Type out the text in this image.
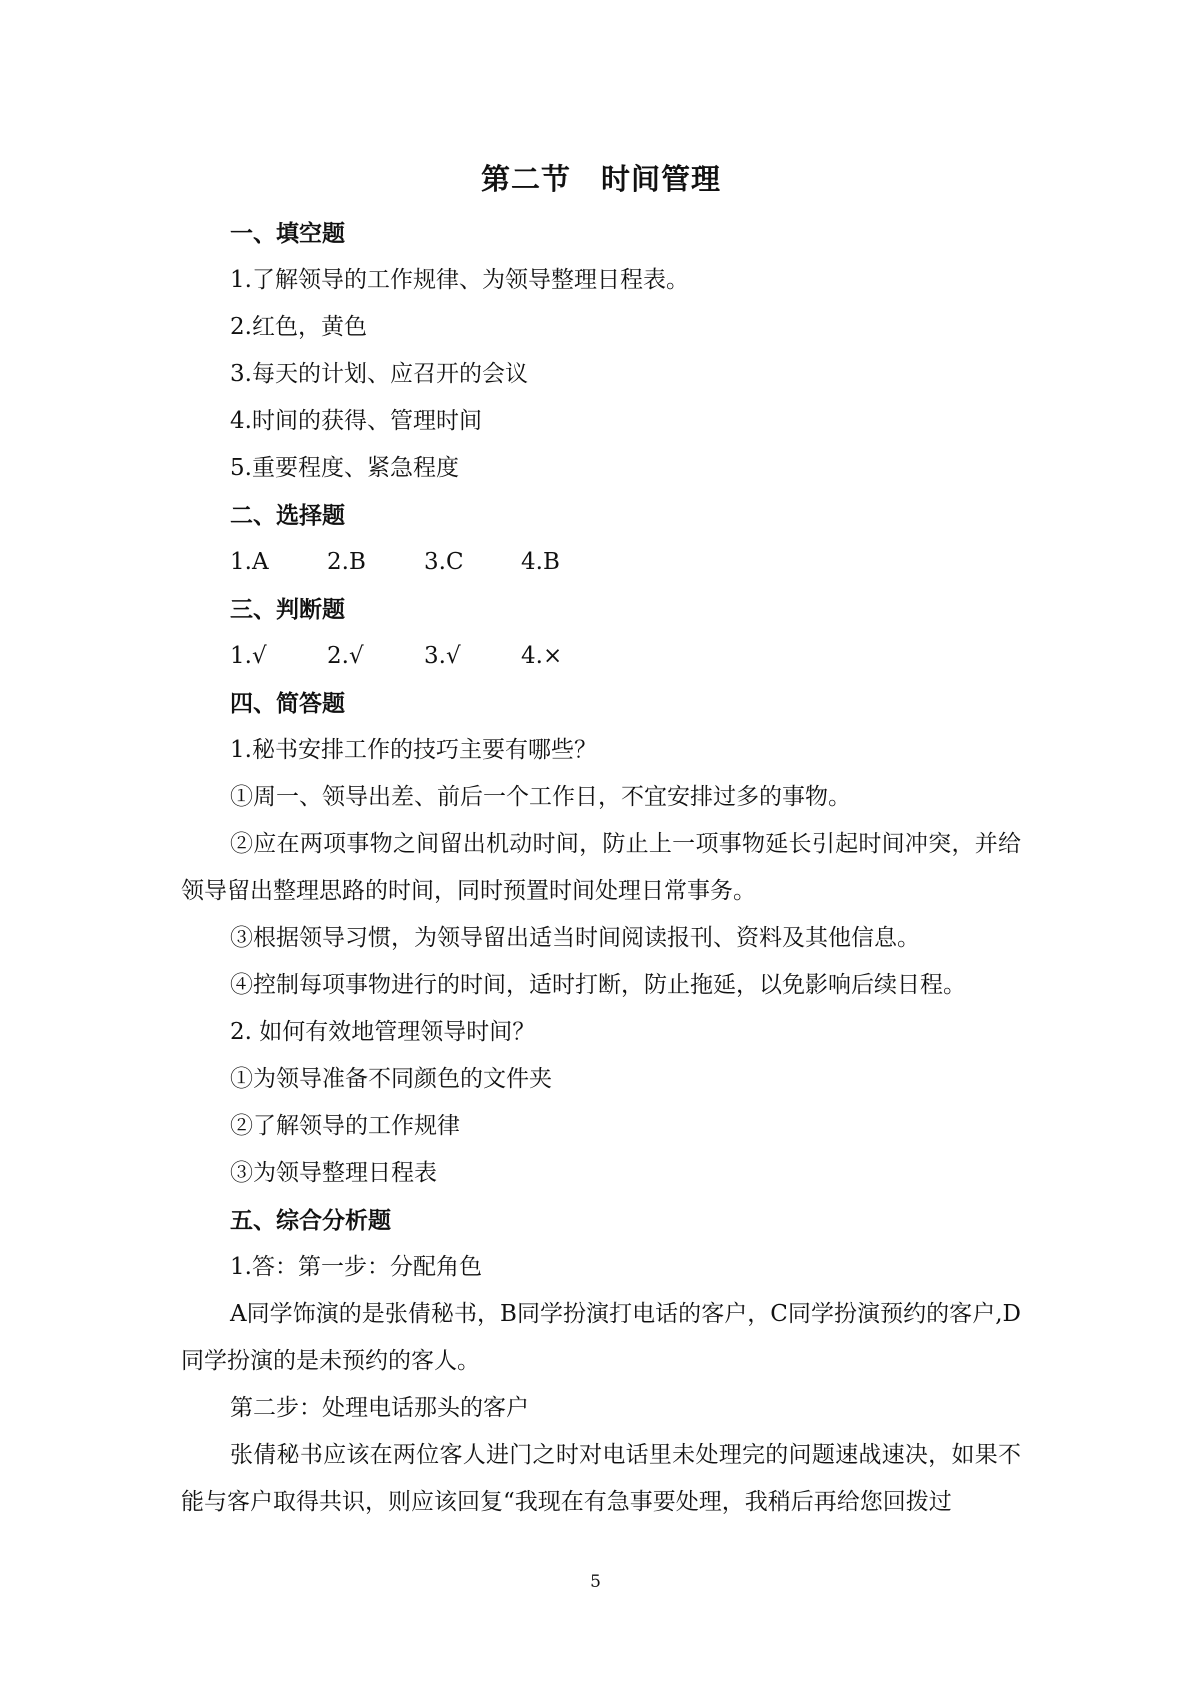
第二节 时间管理
一、填空题
1.了解领导的工作规律、为领导整理日程表。
2.红色，黄色
3.每天的计划、应召开的会议
4.时间的获得、管理时间
5.重要程度、紧急程度
二、选择题
1.A	2.B	3.C	4.B
三、判断题
1.√	2.√	3.√	4.×
四、简答题
1.秘书安排工作的技巧主要有哪些？
①周一、领导出差、前后一个工作日，不宜安排过多的事物。
②应在两项事物之间留出机动时间，防止上一项事物延长引起时间冲突，并给领导留出整理思路的时间，同时预置时间处理日常事务。
③根据领导习惯，为领导留出适当时间阅读报刊、资料及其他信息。
④控制每项事物进行的时间，适时打断，防止拖延，以免影响后续日程。
2. 如何有效地管理领导时间？
①为领导准备不同颜色的文件夹
②了解领导的工作规律
③为领导整理日程表
五、综合分析题
1.答：第一步：分配角色
A同学饰演的是张倩秘书，B同学扮演打电话的客户，C同学扮演预约的客户,D同学扮演的是未预约的客人。
第二步：处理电话那头的客户
张倩秘书应该在两位客人进门之时对电话里未处理完的问题速战速决，如果不能与客户取得共识，则应该回复“我现在有急事要处理，我稍后再给您回拨过
5
